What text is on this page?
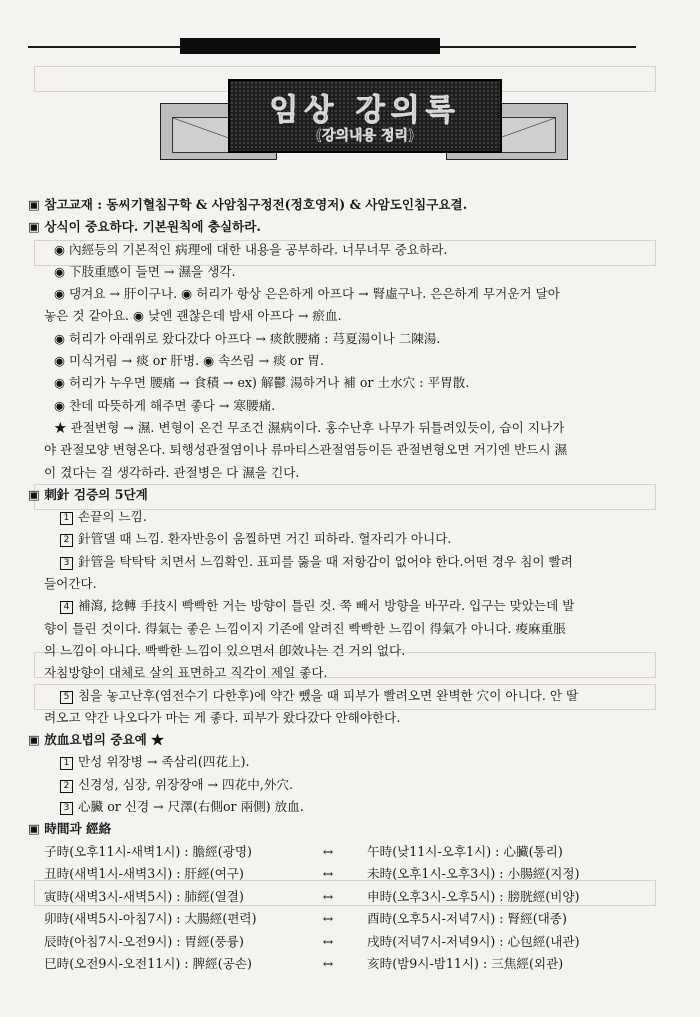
임상 강의록
(강의내용 정리)
▣ 참고교재 : 동씨기혈침구학 & 사암침구정전(정호영저) & 사암도인침구요결.
▣ 상식이 중요하다. 기본원칙에 충실하라.
◉ 內經등의 기본적인 病理에 대한 내용을 공부하라. 너무너무 중요하라.
◉ 下肢重感이 들면 → 濕을 생각.
◉ 댕겨요 → 肝이구나. ◉ 허리가 항상 은은하게 아프다 → 腎虛구나. 은은하게 무거운거 달아
놓은 것 같아요. ◉ 낮엔 괜찮은데 밤새 아프다 → 瘀血.
◉ 허리가 아래위로 왔다갔다 아프다 → 痰飮腰痛 : 芎夏湯이나 二陳湯.
◉ 미식거림 → 痰 or 肝병. ◉ 속쓰림 → 痰 or 胃.
◉ 허리가 누우면 腰痛 → 食積 → ex) 解鬱 湯하거나 補 or 土水穴 : 平胃散.
◉ 찬데 따뜻하게 해주면 좋다 → 寒腰痛.
★ 관절변형 → 濕. 변형이 온건 무조건 濕病이다. 홍수난후 나무가 뒤틀려있듯이, 습이 지나가
야 관절모양 변형온다. 퇴행성관절염이나 류마티스관절염등이든 관절변형오면 거기엔 반드시 濕
이 겼다는 걸 생각하라. 관절병은 다 濕을 긴다.
▣ 刺針 검증의 5단계
1 손끝의 느낌.
2 針管댈 때 느낌. 환자반응이 움찔하면 거긴 피하라. 혈자리가 아니다.
3 針管을 탁탁탁 치면서 느낌확인. 표피를 뚫을 때 저항감이 없어야 한다.어떤 경우 침이 빨려
들어간다.
4 補瀉, 捻轉 手技시 빡빡한 거는 방향이 틀린 것. 쭉 빼서 방향을 바꾸라. 입구는 맞았는데 발
향이 틀린 것이다. 得氣는 좋은 느낌이지 기존에 알려진 빡빡한 느낌이 得氣가 아니다. 痠麻重脹
의 느낌이 아니다. 빡빡한 느낌이 있으면서 卽效나는 건 거의 없다.
자침방향이 대체로 살의 표면하고 직각이 제일 좋다.
5 침을 놓고난후(염전수기 다한후)에 약간 뺐을 때 피부가 빨려오면 완벽한 穴이 아니다. 안 딸
려오고 약간 나오다가 마는 게 좋다. 피부가 왔다갔다 안해야한다.
▣ 放血요법의 중요예 ★
1 만성 위장병 → 족삼리(四花上).
2 신경성, 심장, 위장장애 → 四花中,外穴.
3 心臟 or 신경 → 尺澤(右側or 兩側) 放血.
▣ 時間과 經絡
子時(오후11시-새벽1시) : 膽經(광명)	↔	午時(낮11시-오후1시) : 心臟(통리)
丑時(새벽1시-새벽3시) : 肝經(여구)	↔	未時(오후1시-오후3시) : 小腸經(지정)
寅時(새벽3시-새벽5시) : 肺經(열결)	↔	申時(오후3시-오후5시) : 膀胱經(비양)
卯時(새벽5시-아침7시) : 大腸經(편력)	↔	酉時(오후5시-저녁7시) : 腎經(대종)
辰時(아침7시-오전9시) : 胃經(풍륭)	↔	戌時(저녁7시-저녁9시) : 心包經(내관)
巳時(오전9시-오전11시) : 脾經(공손)	↔	亥時(밤9시-밤11시) : 三焦經(외관)
